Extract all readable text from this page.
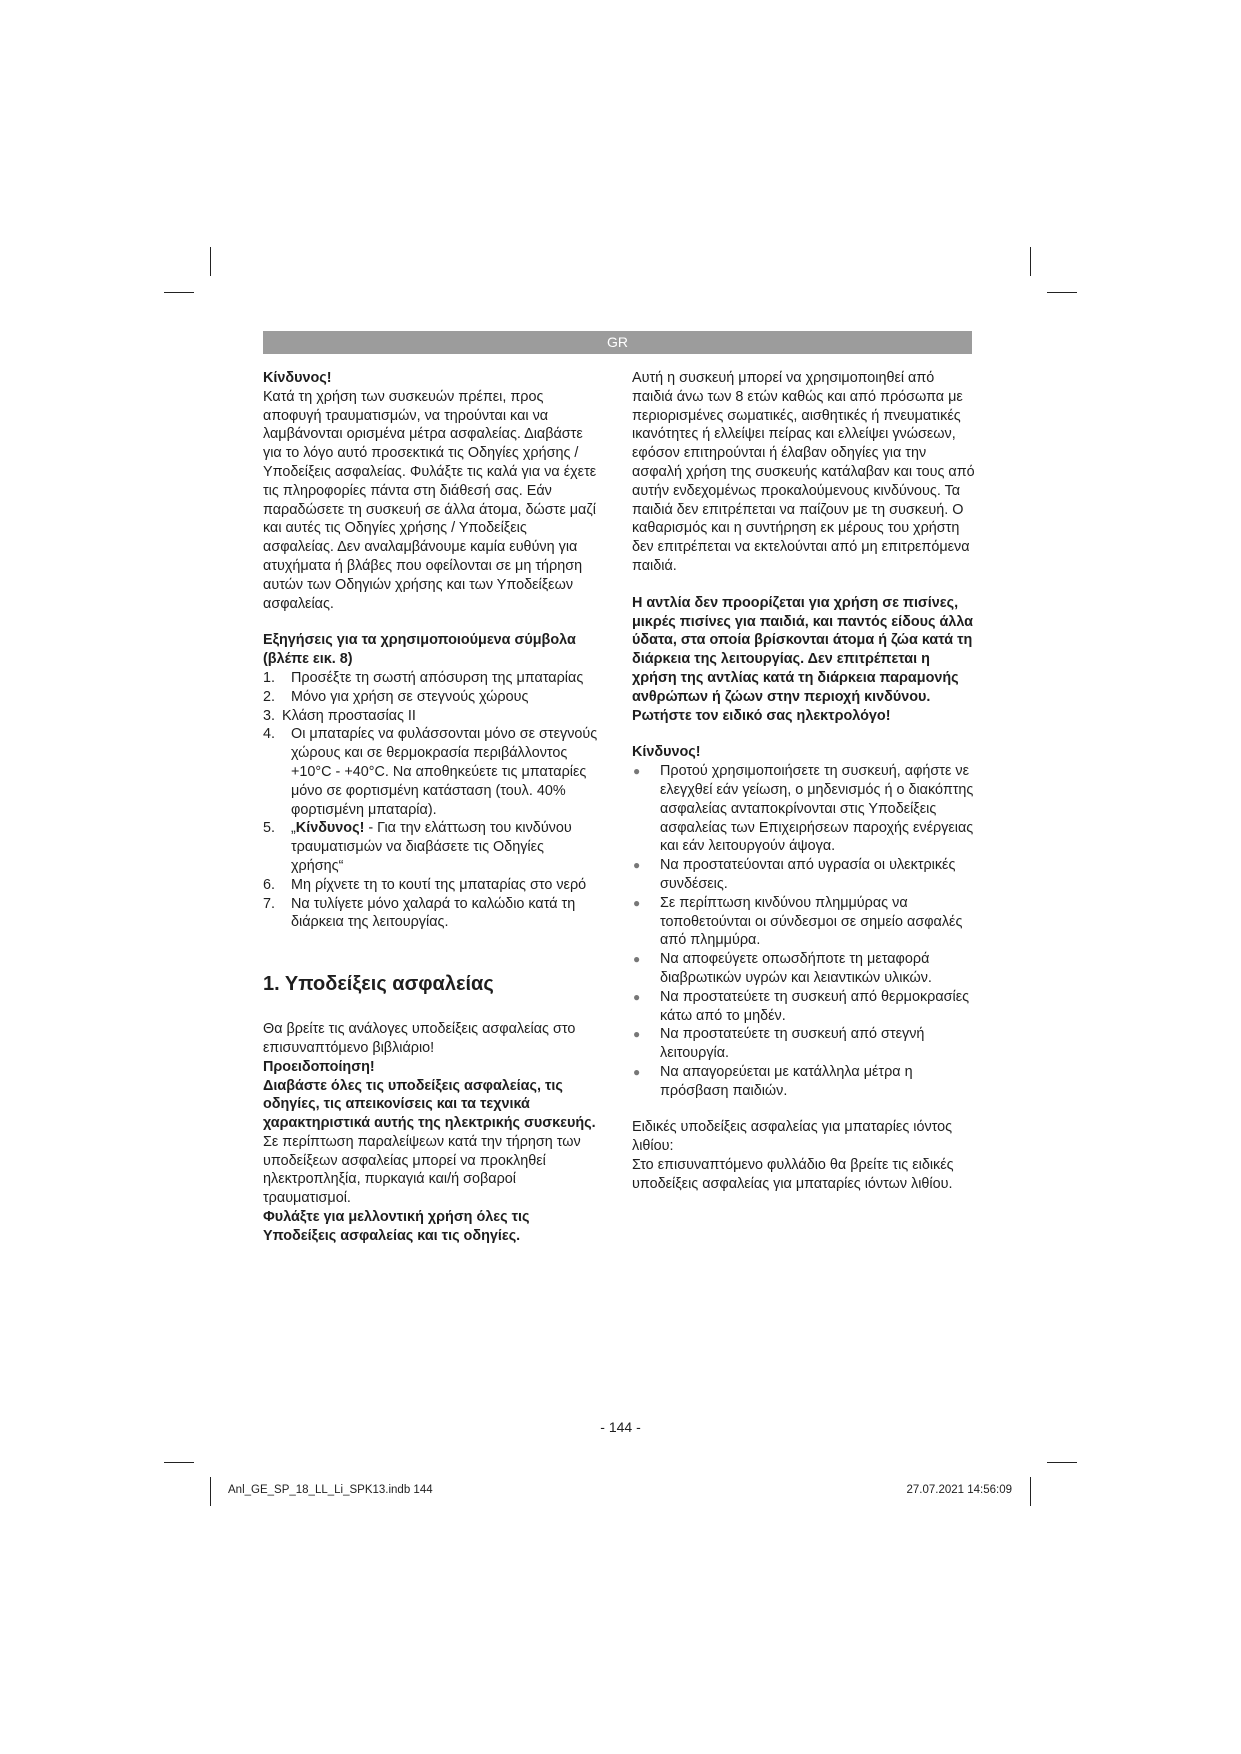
GR

Κίνδυνος!

Κατά τη χρήση των συσκευών πρέπει, προς αποφυγή τραυματισμών, να τηρούνται και να λαμβάνονται ορισμένα μέτρα ασφαλείας. Διαβάστε για το λόγο αυτό προσεκτικά τις Οδηγίες χρήσης / Υποδείξεις ασφαλείας. Φυλάξτε τις καλά για να έχετε τις πληροφορίες πάντα στη διάθεσή σας. Εάν παραδώσετε τη συσκευή σε άλλα άτομα, δώστε μαζί και αυτές τις Οδηγίες χρήσης / Υποδείξεις ασφαλείας. Δεν αναλαμβάνουμε καμία ευθύνη για ατυχήματα ή βλάβες που οφείλονται σε μη τήρηση αυτών των Οδηγιών χρήσης και των Υποδείξεων ασφαλείας.

Εξηγήσεις για τα χρησιμοποιούμενα σύμβολα (βλέπε εικ. 8)

1. Προσέξτε τη σωστή απόσυρση της μπαταρίας
2. Μόνο για χρήση σε στεγνούς χώρους
3. Κλάση προστασίας II
4. Οι μπαταρίες να φυλάσσονται μόνο σε στεγνούς χώρους και σε θερμοκρασία περιβάλλοντος +10°C - +40°C. Να αποθηκεύετε τις μπαταρίες μόνο σε φορτισμένη κατάσταση (τουλ. 40% φορτισμένη μπαταρία).
5. „Κίνδυνος! - Για την ελάττωση του κινδύνου τραυματισμών να διαβάσετε τις Οδηγίες χρήσης“
6. Μη ρίχνετε τη το κουτί της μπαταρίας στο νερό
7. Να τυλίγετε μόνο χαλαρά το καλώδιο κατά τη διάρκεια της λειτουργίας.
1. Υποδείξεις ασφαλείας

Θα βρείτε τις ανάλογες υποδείξεις ασφαλείας στο επισυναπτόμενο βιβλιάριο!

Προειδοποίηση!

Διαβάστε όλες τις υποδείξεις ασφαλείας, τις οδηγίες, τις απεικονίσεις και τα τεχνικά χαρακτηριστικά αυτής της ηλεκτρικής συσκευής. Σε περίπτωση παραλείψεων κατά την τήρηση των υποδείξεων ασφαλείας μπορεί να προκληθεί ηλεκτροπληξία, πυρκαγιά και/ή σοβαροί τραυματισμοί.

Φυλάξτε για μελλοντική χρήση όλες τις Υποδείξεις ασφαλείας και τις οδηγίες.

Αυτή η συσκευή μπορεί να χρησιμοποιηθεί από παιδιά άνω των 8 ετών καθώς και από πρόσωπα με περιορισμένες σωματικές, αισθητικές ή πνευματικές ικανότητες ή ελλείψει πείρας και ελλείψει γνώσεων, εφόσον επιτηρούνται ή έλαβαν οδηγίες για την ασφαλή χρήση της συσκευής κατάλαβαν και τους από αυτήν ενδεχομένως προκαλούμενους κινδύνους. Τα παιδιά δεν επιτρέπεται να παίζουν με τη συσκευή. Ο καθαρισμός και η συντήρηση εκ μέρους του χρήστη δεν επιτρέπεται να εκτελούνται από μη επιτρεπόμενα παιδιά.

Η αντλία δεν προορίζεται για χρήση σε πισίνες, μικρές πισίνες για παιδιά, και παντός είδους άλλα ύδατα, στα οποία βρίσκονται άτομα ή ζώα κατά τη διάρκεια της λειτουργίας. Δεν επιτρέπεται η χρήση της αντλίας κατά τη διάρκεια παραμονής ανθρώπων ή ζώων στην περιοχή κινδύνου. Ρωτήστε τον ειδικό σας ηλεκτρολόγο!

Κίνδυνος!

● Προτού χρησιμοποιήσετε τη συσκευή, αφήστε νε ελεγχθεί εάν γείωση, ο μηδενισμός ή ο διακόπτης ασφαλείας ανταποκρίνονται στις Υποδείξεις ασφαλείας των Επιχειρήσεων παροχής ενέργειας και εάν λειτουργούν άψογα.
● Να προστατεύονται από υγρασία οι υλεκτρικές συνδέσεις.
● Σε περίπτωση κινδύνου πλημμύρας να τοποθετούνται οι σύνδεσμοι σε σημείο ασφαλές από πλημμύρα.
● Να αποφεύγετε οπωσδήποτε τη μεταφορά διαβρωτικών υγρών και λειαντικών υλικών.
● Να προστατεύετε τη συσκευή από θερμοκρασίες κάτω από το μηδέν.
● Να προστατεύετε τη συσκευή από στεγνή λειτουργία.
● Να απαγορεύεται με κατάλληλα μέτρα η πρόσβαση παιδιών.

Ειδικές υποδείξεις ασφαλείας για μπαταρίες ιόντος λιθίου:

Στο επισυναπτόμενο φυλλάδιο θα βρείτε τις ειδικές υποδείξεις ασφαλείας για μπαταρίες ιόντων λιθίου.

- 144 -
Anl_GE_SP_18_LL_Li_SPK13.indb 144	27.07.2021 14:56:09
